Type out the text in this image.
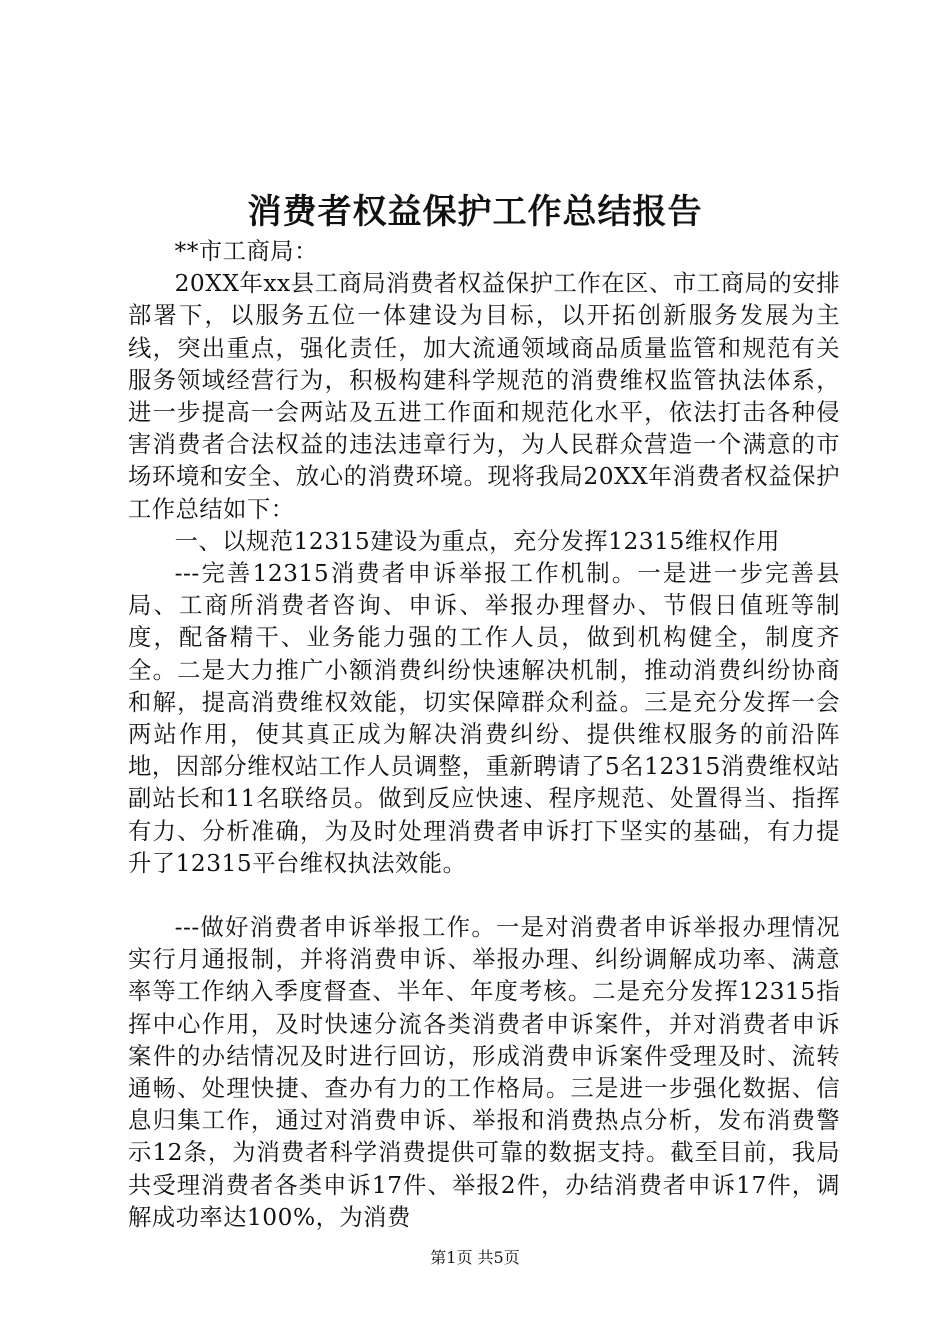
消费者权益保护工作总结报告

**市工商局：

20XX年xx县工商局消费者权益保护工作在区、市工商局的安排部署下，以服务五位一体建设为目标，以开拓创新服务发展为主线，突出重点，强化责任，加大流通领域商品质量监管和规范有关服务领域经营行为，积极构建科学规范的消费维权监管执法体系，进一步提高一会两站及五进工作面和规范化水平，依法打击各种侵害消费者合法权益的违法违章行为，为人民群众营造一个满意的市场环境和安全、放心的消费环境。现将我局20XX年消费者权益保护工作总结如下：

一、以规范12315建设为重点，充分发挥12315维权作用

---完善12315消费者申诉举报工作机制。一是进一步完善县局、工商所消费者咨询、申诉、举报办理督办、节假日值班等制度，配备精干、业务能力强的工作人员，做到机构健全，制度齐全。二是大力推广小额消费纠纷快速解决机制，推动消费纠纷协商和解，提高消费维权效能，切实保障群众利益。三是充分发挥一会两站作用，使其真正成为解决消费纠纷、提供维权服务的前沿阵地，因部分维权站工作人员调整，重新聘请了5名12315消费维权站副站长和11名联络员。做到反应快速、程序规范、处置得当、指挥有力、分析准确，为及时处理消费者申诉打下坚实的基础，有力提升了12315平台维权执法效能。

---做好消费者申诉举报工作。一是对消费者申诉举报办理情况实行月通报制，并将消费申诉、举报办理、纠纷调解成功率、满意率等工作纳入季度督查、半年、年度考核。二是充分发挥12315指挥中心作用，及时快速分流各类消费者申诉案件，并对消费者申诉案件的办结情况及时进行回访，形成消费申诉案件受理及时、流转通畅、处理快捷、查办有力的工作格局。三是进一步强化数据、信息归集工作，通过对消费申诉、举报和消费热点分析，发布消费警示12条，为消费者科学消费提供可靠的数据支持。截至目前，我局共受理消费者各类申诉17件、举报2件，办结消费者申诉17件，调解成功率达100%，为消费

第1页 共5页
